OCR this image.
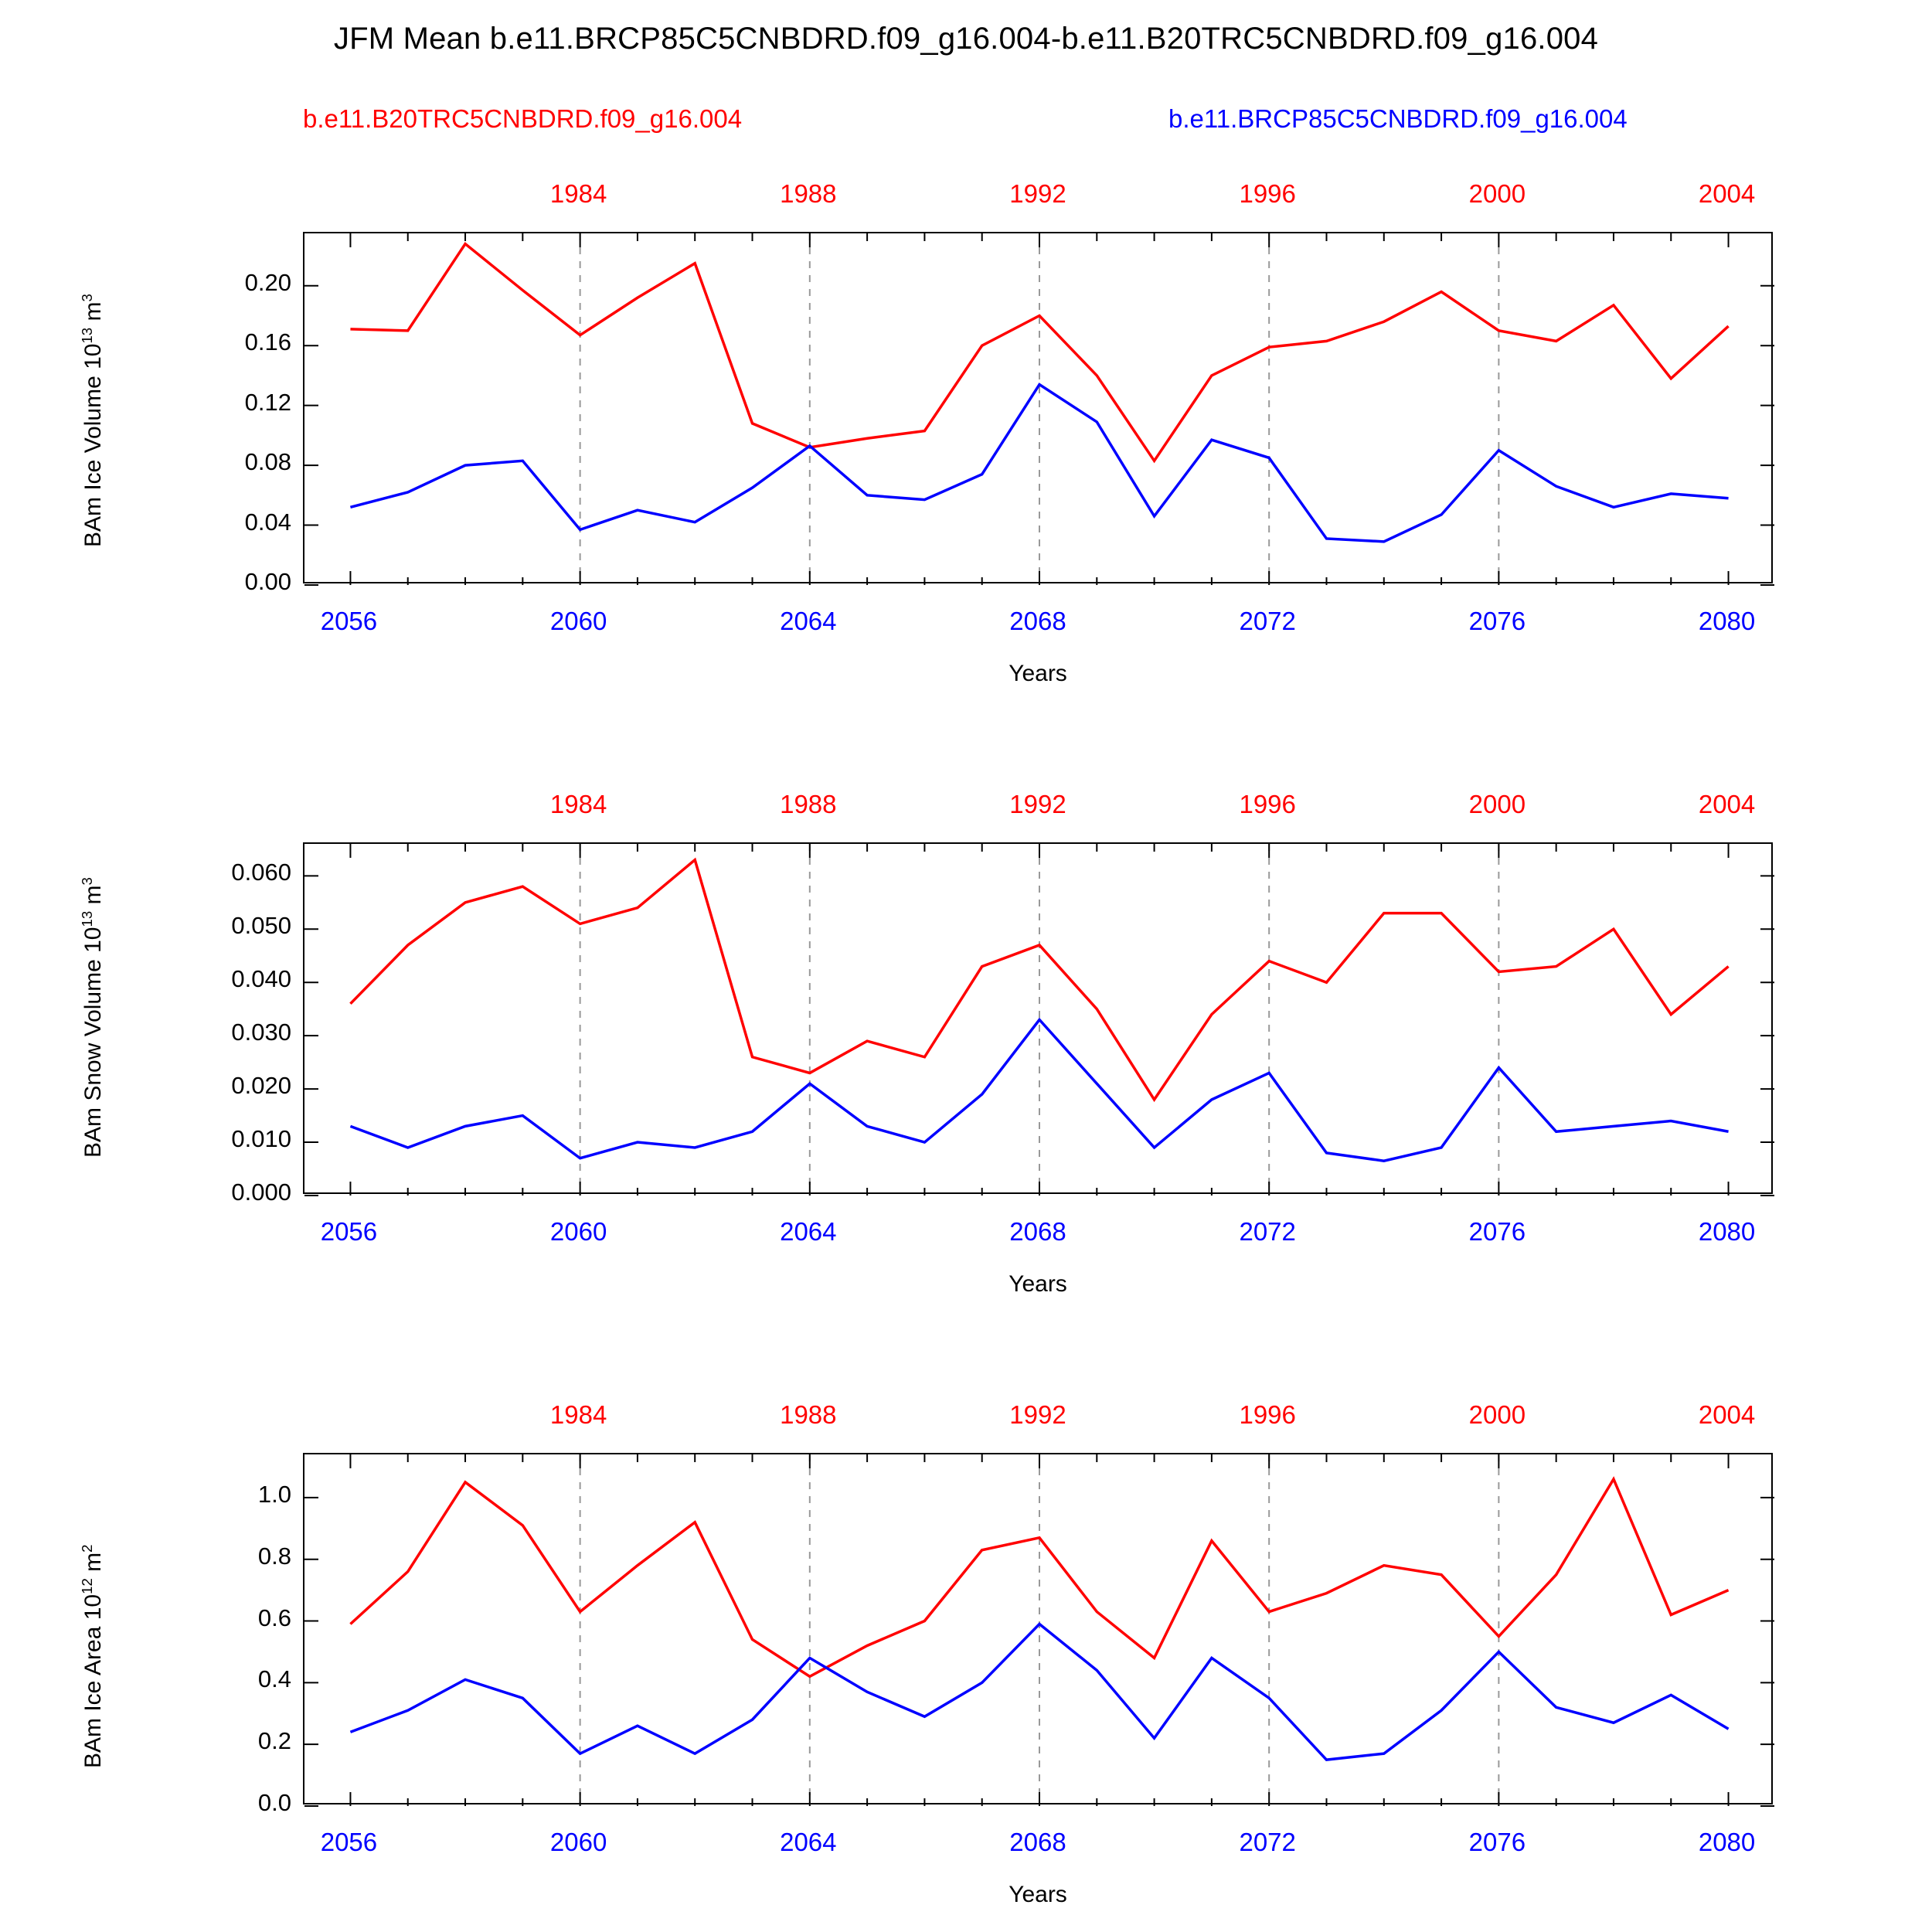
JFM Mean b.e11.BRCP85C5CNBDRD.f09_g16.004-b.e11.B20TRC5CNBDRD.f09_g16.004
b.e11.B20TRC5CNBDRD.f09_g16.004	b.e11.BRCP85C5CNBDRD.f09_g16.004
BAm Ice Volume $10^{13}$ $m^3$
Years
1984	1988	1992	1996	2000	2004
2056	2060	2064	2068	2072	2076	2080
0.00
0.04
0.08
0.12
0.16
0.20
BAm Snow Volume $10^{13}$ $m^3$
Years
1984	1988	1992	1996	2000	2004
2056	2060	2064	2068	2072	2076	2080
0.000
0.010
0.020
0.030
0.040
0.050
0.060
BAm Ice Area $10^{12}$ $m^2$
Years
1984	1988	1992	1996	2000	2004
2056	2060	2064	2068	2072	2076	2080
0.0
0.2
0.4
0.6
0.8
1.0
